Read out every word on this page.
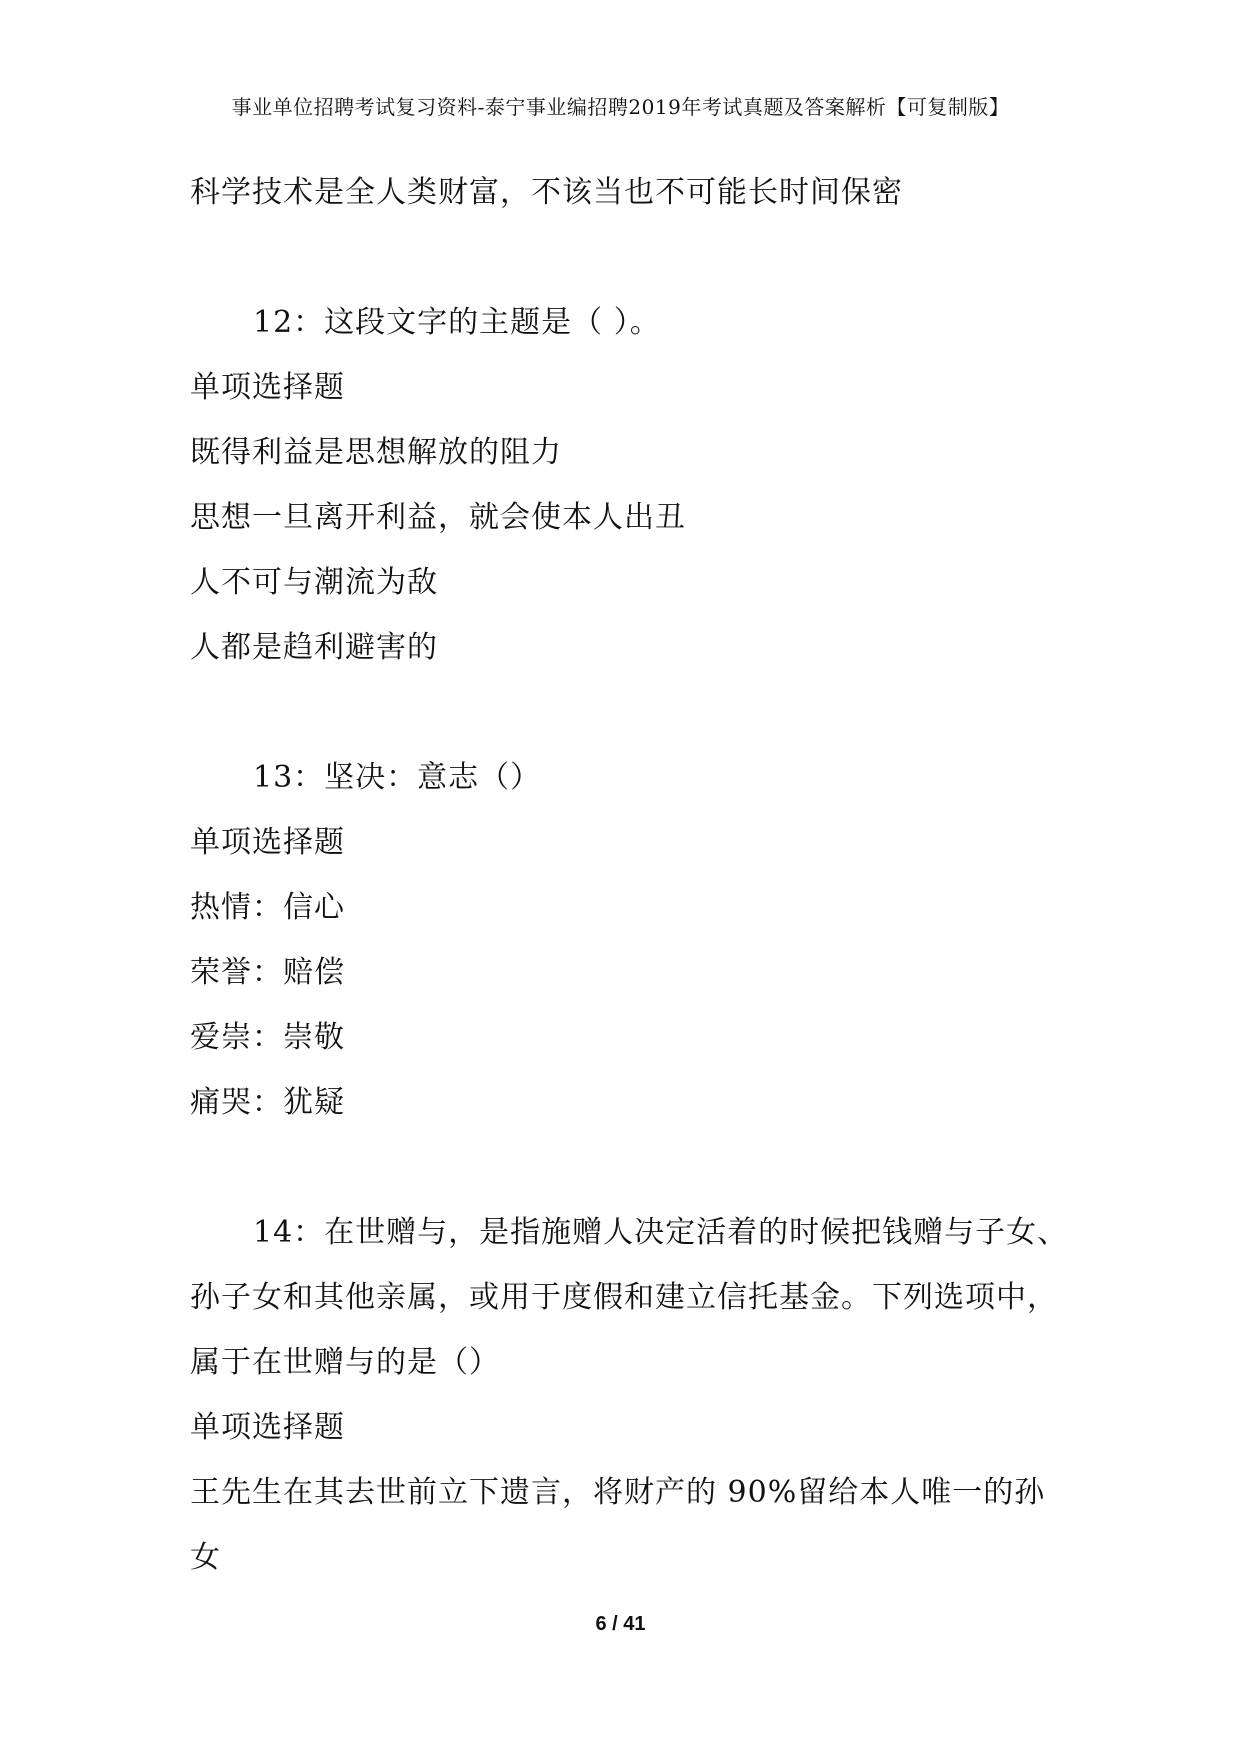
事业单位招聘考试复习资料-泰宁事业编招聘2019年考试真题及答案解析【可复制版】
科学技术是全人类财富，不该当也不可能长时间保密
12：这段文字的主题是（ ）。
单项选择题
既得利益是思想解放的阻力
思想一旦离开利益，就会使本人出丑
人不可与潮流为敌
人都是趋利避害的
13：坚决：意志（）
单项选择题
热情：信心
荣誉：赔偿
爱崇：崇敬
痛哭：犹疑
14：在世赠与，是指施赠人决定活着的时候把钱赠与子女、
孙子女和其他亲属，或用于度假和建立信托基金。下列选项中，
属于在世赠与的是（）
单项选择题
王先生在其去世前立下遗言，将财产的 90%留给本人唯一的孙
女
6 / 41
